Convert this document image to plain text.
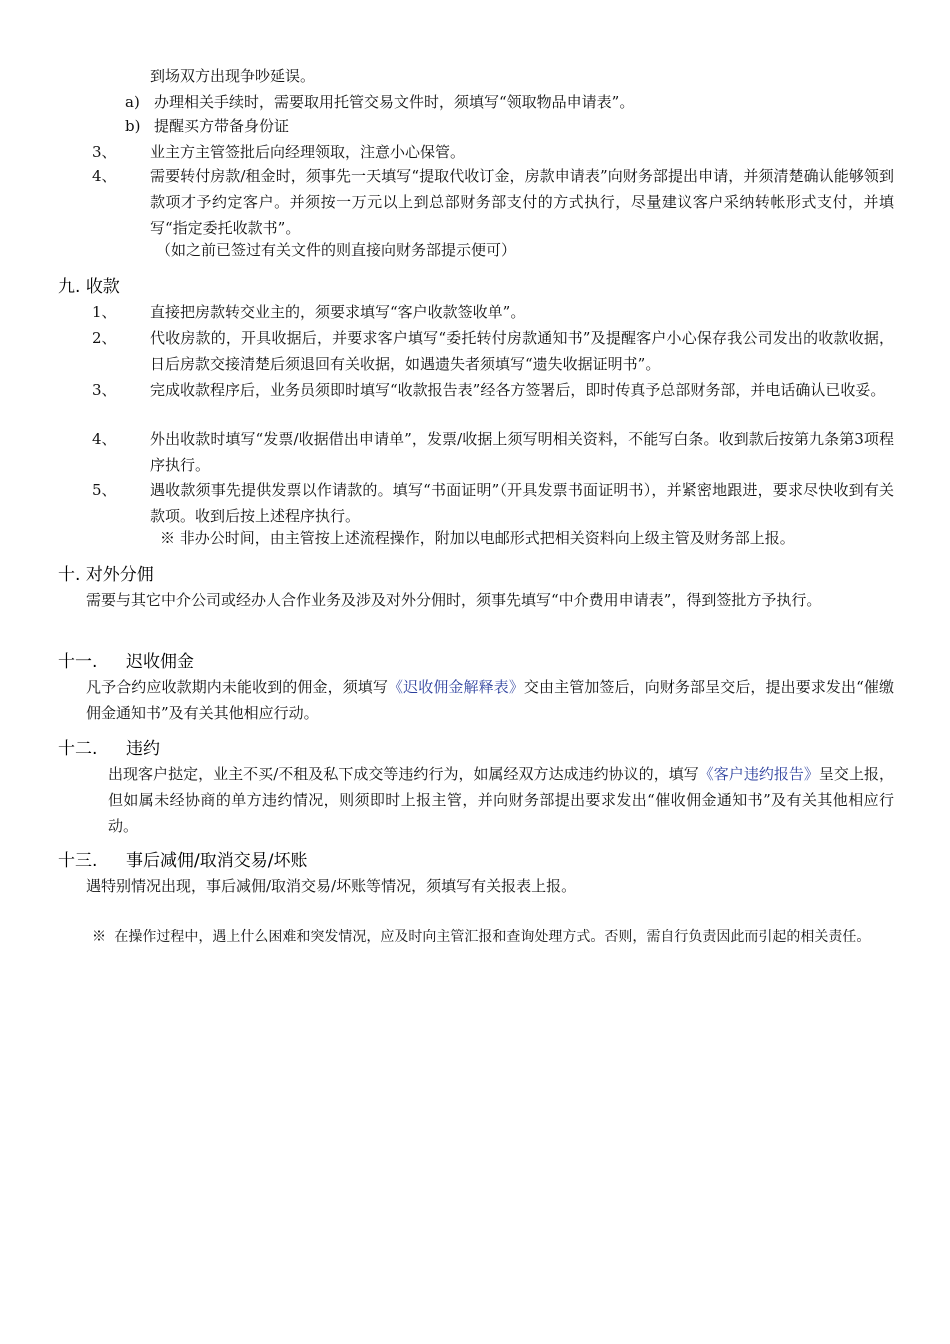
到场双方出现争吵延误。
a) 办理相关手续时，需要取用托管交易文件时，须填写“领取物品申请表”。
b) 提醒买方带备身份证
3、 业主方主管签批后向经理领取，注意小心保管。
4、 需要转付房款/租金时，须事先一天填写“提取代收订金，房款申请表”向财务部提出申请，并须清楚确认能够领到款项才予约定客户。并须按一万元以上到总部财务部支付的方式执行，尽量建议客户采纳转帐形式支付，并填写“指定委托收款书”。
（如之前已签过有关文件的则直接向财务部提示便可）
九. 收款
1、 直接把房款转交业主的，须要求填写“客户收款签收单”。
2、 代收房款的，开具收据后，并要求客户填写“委托转付房款通知书”及提醒客户小心保存我公司发出的收款收据，日后房款交接清楚后须退回有关收据，如遇遗失者须填写“遗失收据证明书”。
3、 完成收款程序后，业务员须即时填写“收款报告表”经各方签署后，即时传真予总部财务部，并电话确认已收妥。
4、 外出收款时填写“发票/收据借出申请单”，发票/收据上须写明相关资料，不能写白条。收到款后按第九条第3项程序执行。
5、 遇收款须事先提供发票以作请款的。填写“书面证明”（开具发票书面证明书），并紧密地跟进，要求尽快收到有关款项。收到后按上述程序执行。
※ 非办公时间，由主管按上述流程操作，附加以电邮形式把相关资料向上级主管及财务部上报。
十. 对外分佣
需要与其它中介公司或经办人合作业务及涉及对外分佣时，须事先填写“中介费用申请表”，得到签批方予执行。
十一. 迟收佣金
凡予合约应收款期内未能收到的佣金，须填写《迟收佣金解释表》交由主管加签后，向财务部呈交后，提出要求发出“催缴佣金通知书”及有关其他相应行动。
十二. 违约
出现客户挞定，业主不买/不租及私下成交等违约行为，如属经双方达成违约协议的，填写《客户违约报告》呈交上报，但如属未经协商的单方违约情况，则须即时上报主管，并向财务部提出要求发出“催收佣金通知书”及有关其他相应行动。
十三. 事后减佣/取消交易/坏账
遇特别情况出现，事后减佣/取消交易/坏账等情况，须填写有关报表上报。
※ 在操作过程中，遇上什么困难和突发情况，应及时向主管汇报和查询处理方式。否则，需自行负责因此而引起的相关责任。
